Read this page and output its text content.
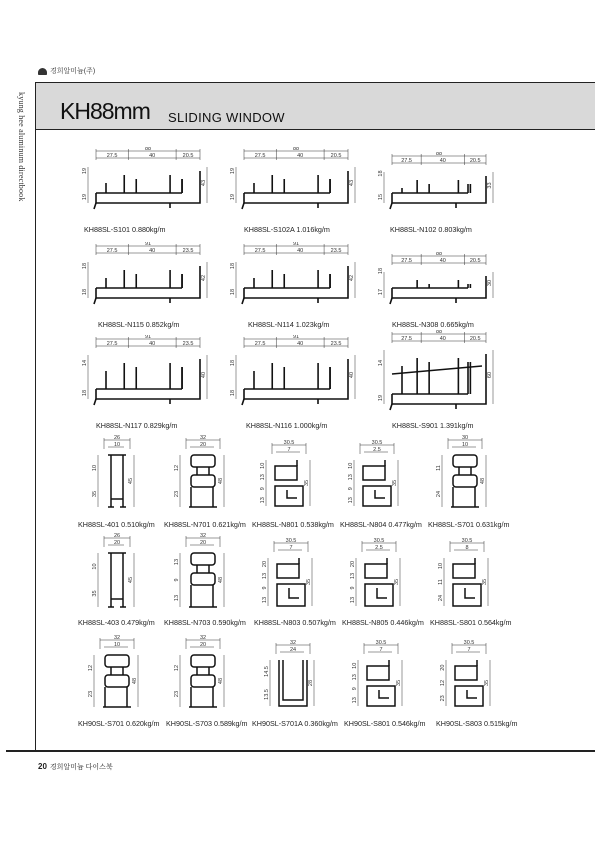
경희알미늄(주)
kyung hee aluminum directbook KH88mm SLIDING WINDOW
88
27.5	40	20.5
19
19
43
KH88SL-S101 0.880kg/m
88
27.5	40	20.5
19
19
43
KH88SL-S102A 1.016kg/m
88
27.5	40	20.5
18
15
33
KH88SL-N102 0.803kg/m
91
27.5	40	23.5
18
18
42
KH88SL-N115 0.852kg/m
91
27.5	40	23.5
18
18
42
KH88SL-N114 1.023kg/m
88
27.5	40	20.5
18
17
30
KH88SL-N308 0.665kg/m
91
27.5	40	23.5
14
18
40
KH88SL-N117 0.829kg/m
91
27.5	40	23.5
18
18
40
KH88SL-N116 1.000kg/m
88
27.5	40	20.5
14
19
60
KH88SL-S901 1.391kg/m
26
10
10
35
45
KH88SL-401 0.510kg/m
32
20
12
23
48
KH88SL-N701 0.621kg/m
30.5
7
10
13
9
13
35
KH88SL-N801 0.538kg/m
30.5
2.5
10
13
9
13
35
KH88SL-N804 0.477kg/m
30
10
11
24
48
KH88SL-S701 0.631kg/m
26
20
10
35
45
KH88SL-403 0.479kg/m
32
20
13
9
13
48
KH88SL-N703 0.590kg/m
30.5
7
20
13
9
13
35
KH88SL-N803 0.507kg/m
30.5
2.5
20
13
9
13
35
KH88SL-N805 0.446kg/m
30.5
8
10
11
24
35
KH88SL-S801 0.564kg/m
32
10
12
23
48
KH90SL-S701 0.620kg/m
32
20
12
23
48
KH90SL-S703 0.589kg/m
32
24
14.5
13.5
28
KH90SL-S701A 0.360kg/m
30.5
7
10
13
9
13
35
KH90SL-S801 0.546kg/m
30.5
7
20
12
23
35
KH90SL-S803 0.515kg/m
20 경희알미늄 다이스북
